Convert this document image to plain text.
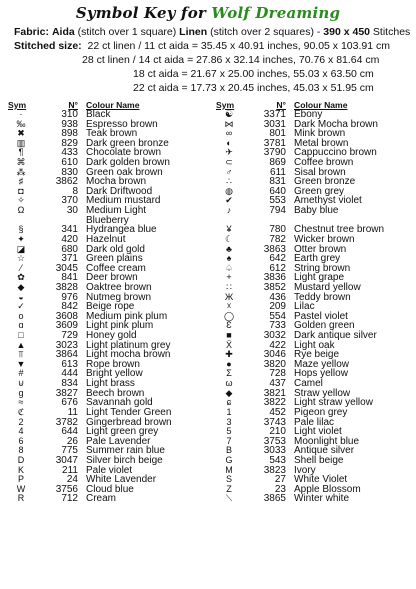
Symbol Key for Wolf Dreaming
Fabric: Aida (stitch over 1 square) Linen (stitch over 2 squares) - 390 x 450 Stitches
Stitched size: 22 ct linen / 11 ct aida = 35.45 x 40.91 inches, 90.05 x 103.91 cm
28 ct linen / 14 ct aida = 27.86 x 32.14 inches, 70.76 x 81.64 cm
18 ct aida = 21.67 x 25.00 inches, 55.03 x 63.50 cm
22 ct aida = 17.73 x 20.45 inches, 45.03 x 51.95 cm
Sym	N° Colour Name
·	310 Black
‰	938 Espresso brown
✖	898 Teak brown
▥	829 Dark green bronze
¶	433 Chocolate brown
⌘	610 Dark golden brown
⁂	830 Green oak brown
♯	3862 Mocha brown
◘	8 Dark Driftwood
✧	370 Medium mustard
Ω	30 Medium Light
Blueberry
§	341 Hydrangea blue
✦	420 Hazelnut
◪	680 Dark old gold
☆	371 Green plains
⁄	3045 Coffee cream
✿	841 Deer brown
◆	3828 Oaktree brown
◒	976 Nutmeg brown
✓	842 Beige rope
o	3608 Medium pink plum
ɑ	3609 Light pink plum
□	729 Honey gold
▲	3023 Light platinum grey
⫪	3864 Light mocha brown
▼	613 Rope brown
#	444 Bright yellow
⊍	834 Light brass
ɡ	3827 Beech brown
≈	676 Savannah gold
ℭ	11 Light Tender Green
2	3782 Gingerbread brown
4	644 Light green grey
6	26 Pale Lavender
8	775 Summer rain blue
D	3047 Silver birch beige
K	211 Pale violet
P	24 White Lavender
W	3756 Cloud blue
R	712 Cream
Sym	N° Colour Name
☯	3371 Ebony
⋈	3031 Dark Mocha brown
∞	801 Mink brown
◐	3781 Metal brown
✈	3790 Cappuccino brown
⊂	869 Coffee brown
♂	611 Sisal brown
∴	831 Green bronze
◍	640 Green grey
✔	553 Amethyst violet
♪	794 Baby blue
¥	780 Chestnut tree brown
☾	782 Wicker brown
♣	3863 Otter brown
♠	642 Earth grey
♤	612 String brown
+	3836 Light grape
∷	3852 Mustard yellow
Ж	436 Teddy brown
☓	209 Lilac
◯	554 Pastel violet
Ɛ	733 Golden green
■	3032 Dark antique silver
Ẍ	422 Light oak
✚	3046 Rye beige
●	3820 Maze yellow
Σ	728 Hops yellow
ω	437 Camel
◆	3821 Straw yellow
ɕ	3822 Light straw yellow
1	452 Pigeon grey
3	3743 Pale lilac
5	210 Light violet
7	3753 Moonlight blue
B	3033 Antique silver
G	543 Shell beige
M	3823 Ivory
S	27 White Violet
Z	23 Apple Blossom
⟍	3865 Winter white
